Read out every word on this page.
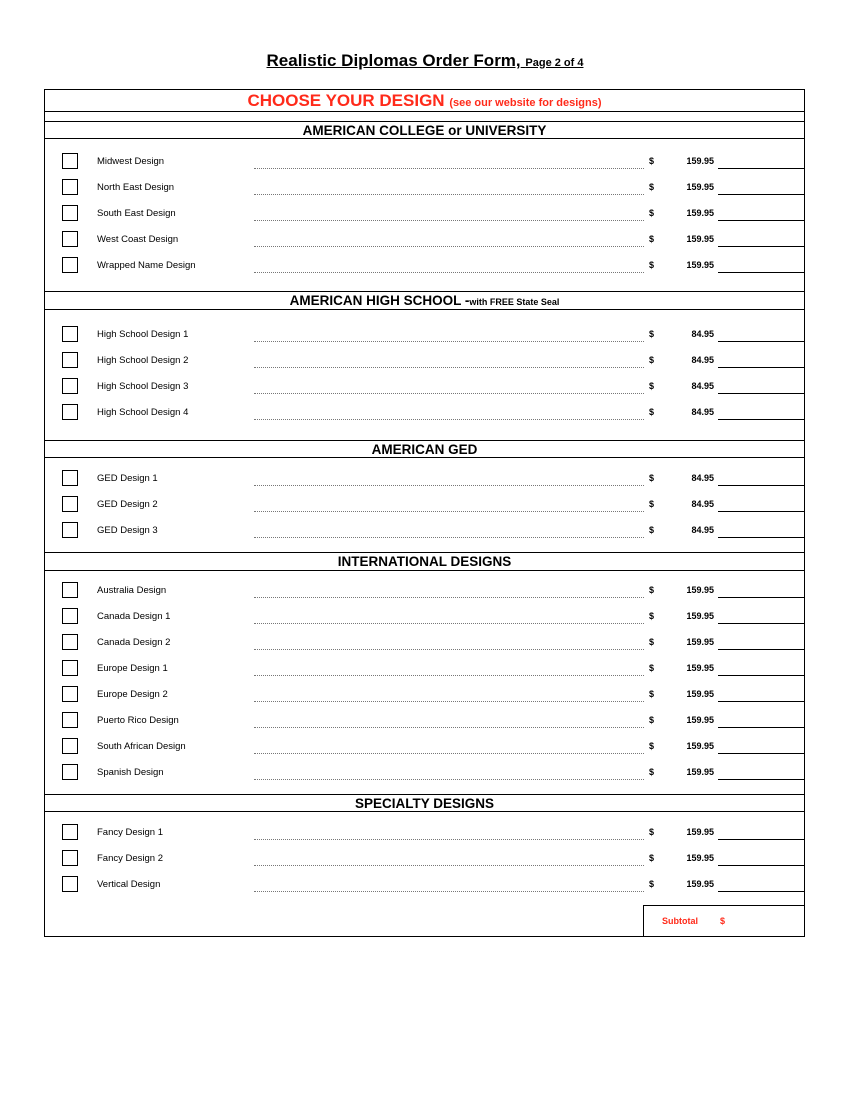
Realistic Diplomas Order Form, Page 2 of 4
CHOOSE YOUR DESIGN (see our website for designs)
AMERICAN COLLEGE or UNIVERSITY
Midwest Design	$	159.95
North East Design	$	159.95
South East Design	$	159.95
West Coast Design	$	159.95
Wrapped Name Design	$	159.95
AMERICAN HIGH SCHOOL -with FREE State Seal
High School Design 1	$	84.95
High School Design 2	$	84.95
High School Design 3	$	84.95
High School Design 4	$	84.95
AMERICAN GED
GED Design 1	$	84.95
GED Design 2	$	84.95
GED Design 3	$	84.95
INTERNATIONAL DESIGNS
Australia Design	$	159.95
Canada Design 1	$	159.95
Canada Design 2	$	159.95
Europe Design 1	$	159.95
Europe Design 2	$	159.95
Puerto Rico Design	$	159.95
South African Design	$	159.95
Spanish Design	$	159.95
SPECIALTY DESIGNS
Fancy Design 1	$	159.95
Fancy Design 2	$	159.95
Vertical Design	$	159.95
Subtotal $
